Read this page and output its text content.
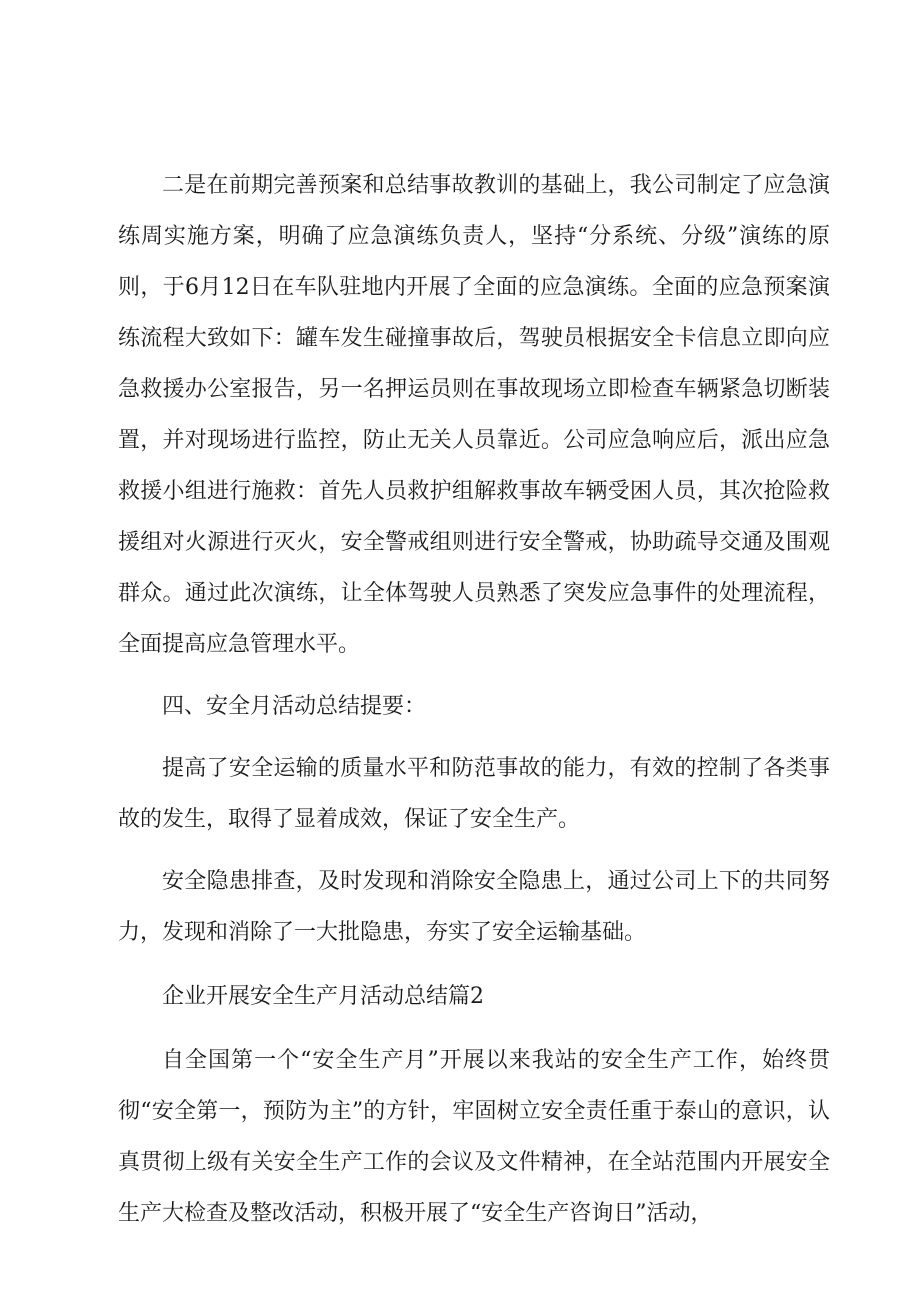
二是在前期完善预案和总结事故教训的基础上，我公司制定了应急演练周实施方案，明确了应急演练负责人，坚持“分系统、分级”演练的原则，于6月12日在车队驻地内开展了全面的应急演练。全面的应急预案演练流程大致如下：罐车发生碰撞事故后，驾驶员根据安全卡信息立即向应急救援办公室报告，另一名押运员则在事故现场立即检查车辆紧急切断装置，并对现场进行监控，防止无关人员靠近。公司应急响应后，派出应急救援小组进行施救：首先人员救护组解救事故车辆受困人员，其次抢险救援组对火源进行灭火，安全警戒组则进行安全警戒，协助疏导交通及围观群众。通过此次演练，让全体驾驶人员熟悉了突发应急事件的处理流程，全面提高应急管理水平。

四、安全月活动总结提要：

提高了安全运输的质量水平和防范事故的能力，有效的控制了各类事故的发生，取得了显着成效，保证了安全生产。

安全隐患排查，及时发现和消除安全隐患上，通过公司上下的共同努力，发现和消除了一大批隐患，夯实了安全运输基础。

企业开展安全生产月活动总结篇2

自全国第一个“安全生产月”开展以来我站的安全生产工作，始终贯彻“安全第一，预防为主”的方针，牢固树立安全责任重于泰山的意识，认真贯彻上级有关安全生产工作的会议及文件精神，在全站范围内开展安全生产大检查及整改活动，积极开展了“安全生产咨询日”活动，
